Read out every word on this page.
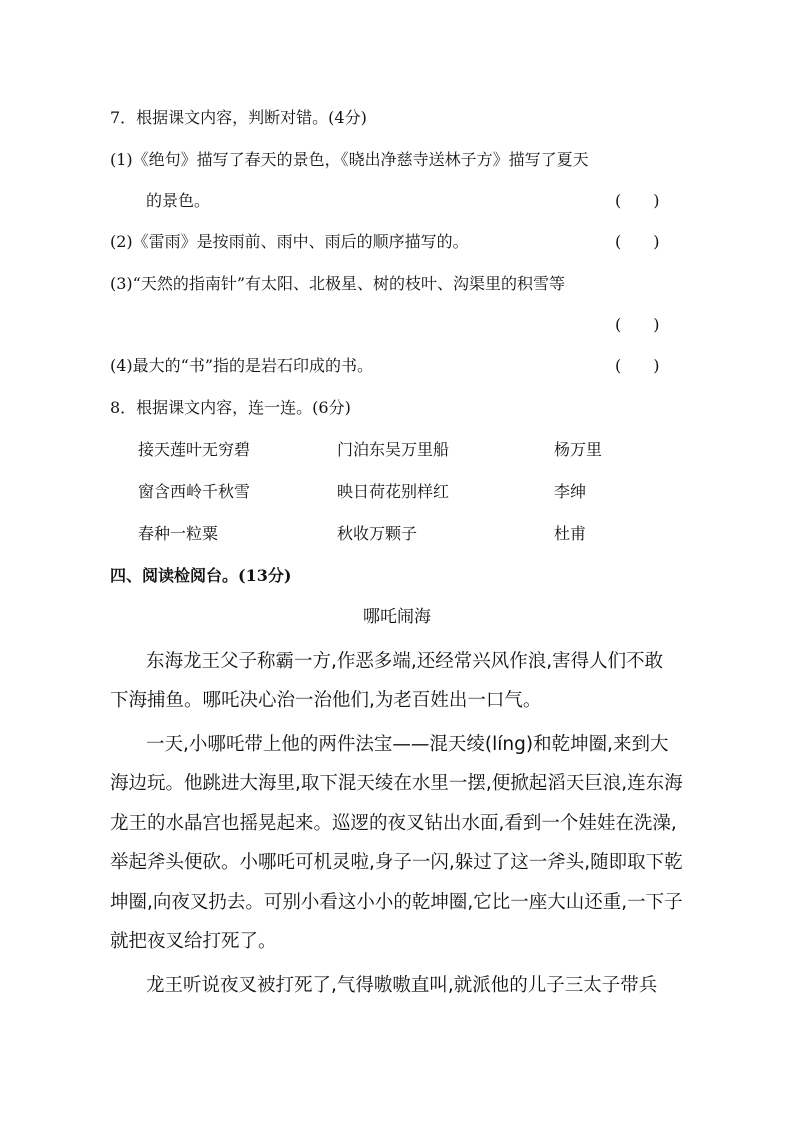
7．根据课文内容，判断对错。(4分)
(1)《绝句》描写了春天的景色，《晓出净慈寺送林子方》描写了夏天
的景色。	(　　)
(2)《雷雨》是按雨前、雨中、雨后的顺序描写的。	(　　)
(3)“天然的指南针”有太阳、北极星、树的枝叶、沟渠里的积雪等
(　　)
(4)最大的“书”指的是岩石印成的书。	(　　)
8．根据课文内容，连一连。(6分)
接天莲叶无穷碧	门泊东吴万里船	杨万里
窗含西岭千秋雪	映日荷花别样红	李绅
春种一粒粟	秋收万颗子	杜甫
四、阅读检阅台。(13分)
哪吒闹海
东海龙王父子称霸一方,作恶多端,还经常兴风作浪,害得人们不敢
下海捕鱼。哪吒决心治一治他们,为老百姓出一口气。
一天,小哪吒带上他的两件法宝——混天绫(líng)和乾坤圈,来到大
海边玩。他跳进大海里,取下混天绫在水里一摆,便掀起滔天巨浪,连东海
龙王的水晶宫也摇晃起来。巡逻的夜叉钻出水面,看到一个娃娃在洗澡,
举起斧头便砍。小哪吒可机灵啦,身子一闪,躲过了这一斧头,随即取下乾
坤圈,向夜叉扔去。可别小看这小小的乾坤圈,它比一座大山还重,一下子
就把夜叉给打死了。
龙王听说夜叉被打死了,气得嗷嗷直叫,就派他的儿子三太子带兵
